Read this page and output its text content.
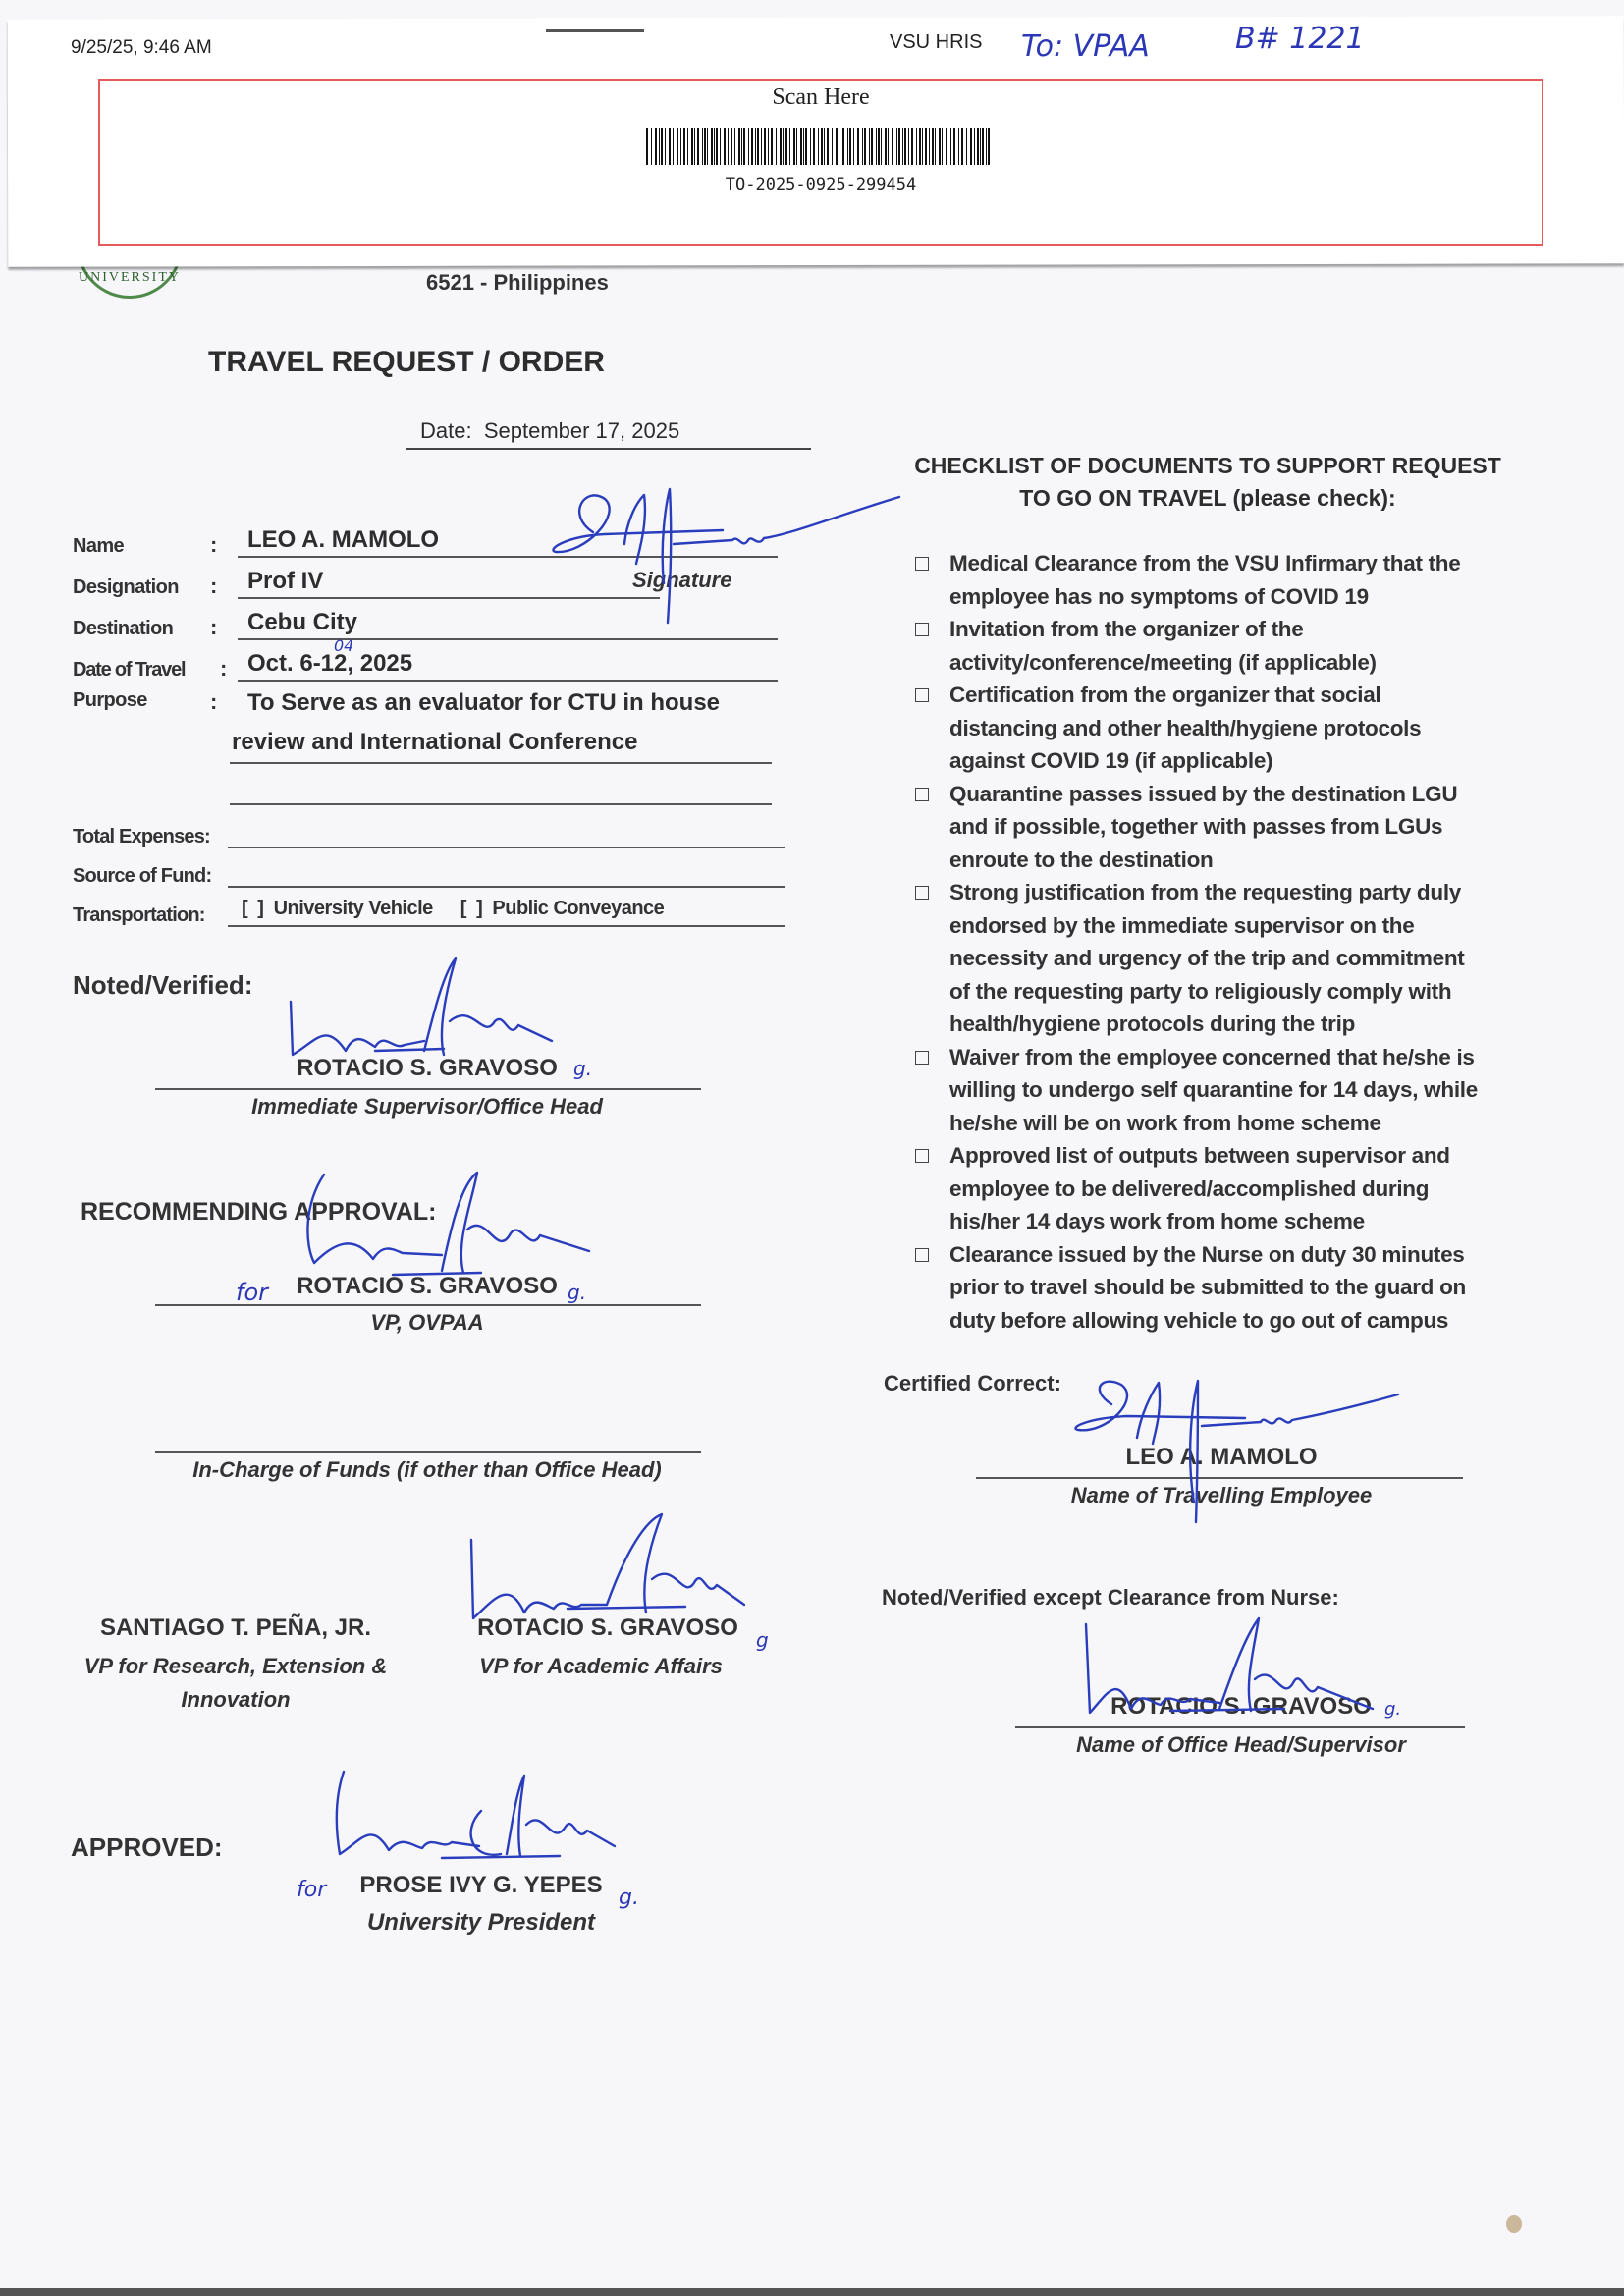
9/25/25, 9:46 AM	VSU HRIS To: VPAA	B# 1221
Scan Here
TO-2025-0925-299454
UNIVERSITY	6521 - Philippines
TRAVEL REQUEST / ORDER
Date: September 17, 2025
Name	:	LEO A. MAMOLO
Designation	:	Prof IV	Signature
Destination	:	Cebu City
Date of Travel	: Oct. 6-12, 2025
04
Purpose	:	To Serve as an evaluator for CTU in house
review and International Conference
Total Expenses:
Source of Fund:
Transportation:	[ ] University Vehicle [ ] Public Conveyance
Noted/Verified:
ROTACIO S. GRAVOSO g.
Immediate Supervisor/Office Head
RECOMMENDING APPROVAL:
for	ROTACIO S. GRAVOSO g.
VP, OVPAA
In-Charge of Funds (if other than Office Head)
SANTIAGO T. PEÑA, JR.
VP for Research, Extension &
Innovation
ROTACIO S. GRAVOSO g
VP for Academic Affairs
APPROVED:
for	PROSE IVY G. YEPES g.
University President
CHECKLIST OF DOCUMENTS TO SUPPORT REQUEST
TO GO ON TRAVEL (please check):
Medical Clearance from the VSU Infirmary that the
employee has no symptoms of COVID 19
Invitation from the organizer of the
activity/conference/meeting (if applicable)
Certification from the organizer that social
distancing and other health/hygiene protocols
against COVID 19 (if applicable)
Quarantine passes issued by the destination LGU
and if possible, together with passes from LGUs
enroute to the destination
Strong justification from the requesting party duly
endorsed by the immediate supervisor on the
necessity and urgency of the trip and commitment
of the requesting party to religiously comply with
health/hygiene protocols during the trip
Waiver from the employee concerned that he/she is
willing to undergo self quarantine for 14 days, while
he/she will be on work from home scheme
Approved list of outputs between supervisor and
employee to be delivered/accomplished during
his/her 14 days work from home scheme
Clearance issued by the Nurse on duty 30 minutes
prior to travel should be submitted to the guard on
duty before allowing vehicle to go out of campus
Certified Correct:
LEO A. MAMOLO
Name of Travelling Employee
Noted/Verified except Clearance from Nurse:
ROTACIO S. GRAVOSO g.
Name of Office Head/Supervisor
